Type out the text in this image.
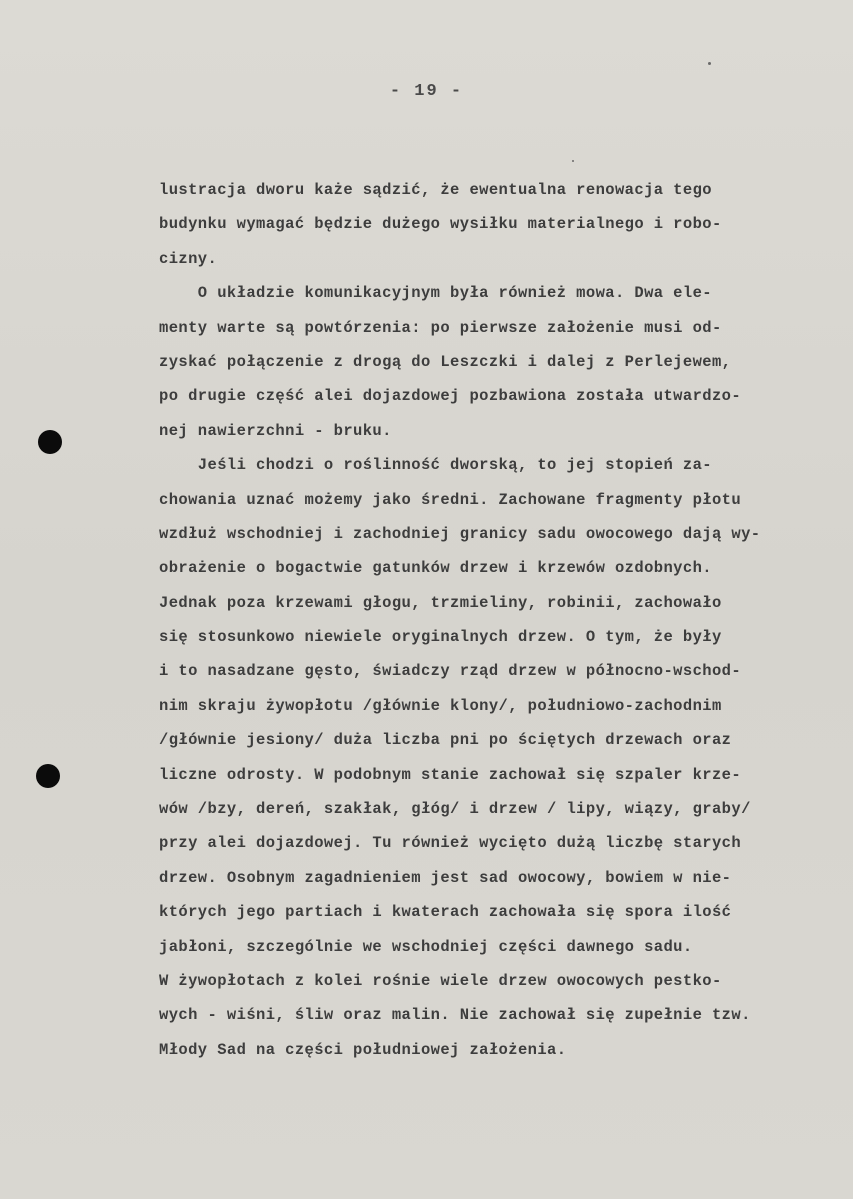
- 19 -
lustracja dworu każe sądzić, że ewentualna renowacja tego
budynku wymagać będzie dużego wysiłku materialnego i robo-
cizny.
O układzie komunikacyjnym była również mowa. Dwa ele-
menty warte są powtórzenia: po pierwsze założenie musi od-
zyskać połączenie z drogą do Leszczki i dalej z Perlejewem,
po drugie część alei dojazdowej pozbawiona została utwardzo-
nej nawierzchni - bruku.
Jeśli chodzi o roślinność dworską, to jej stopień za-
chowania uznać możemy jako średni. Zachowane fragmenty płotu
wzdłuż wschodniej i zachodniej granicy sadu owocowego dają wy-
obrażenie o bogactwie gatunków drzew i krzewów ozdobnych.
Jednak poza krzewami głogu, trzmieliny, robinii, zachowało
się stosunkowo niewiele oryginalnych drzew. O tym, że były
i to nasadzane gęsto, świadczy rząd drzew w północno-wschod-
nim skraju żywopłotu /głównie klony/, południowo-zachodnim
/głównie jesiony/ duża liczba pni po ściętych drzewach oraz
liczne odrosty. W podobnym stanie zachował się szpaler krze-
wów /bzy, dereń, szakłak, głóg/ i drzew / lipy, wiązy, graby/
przy alei dojazdowej. Tu również wycięto dużą liczbę starych
drzew. Osobnym zagadnieniem jest sad owocowy, bowiem w nie-
których jego partiach i kwaterach zachowała się spora ilość
jabłoni, szczególnie we wschodniej części dawnego sadu.
W żywopłotach z kolei rośnie wiele drzew owocowych pestko-
wych - wiśni, śliw oraz malin. Nie zachował się zupełnie tzw.
Młody Sad na części południowej założenia.
